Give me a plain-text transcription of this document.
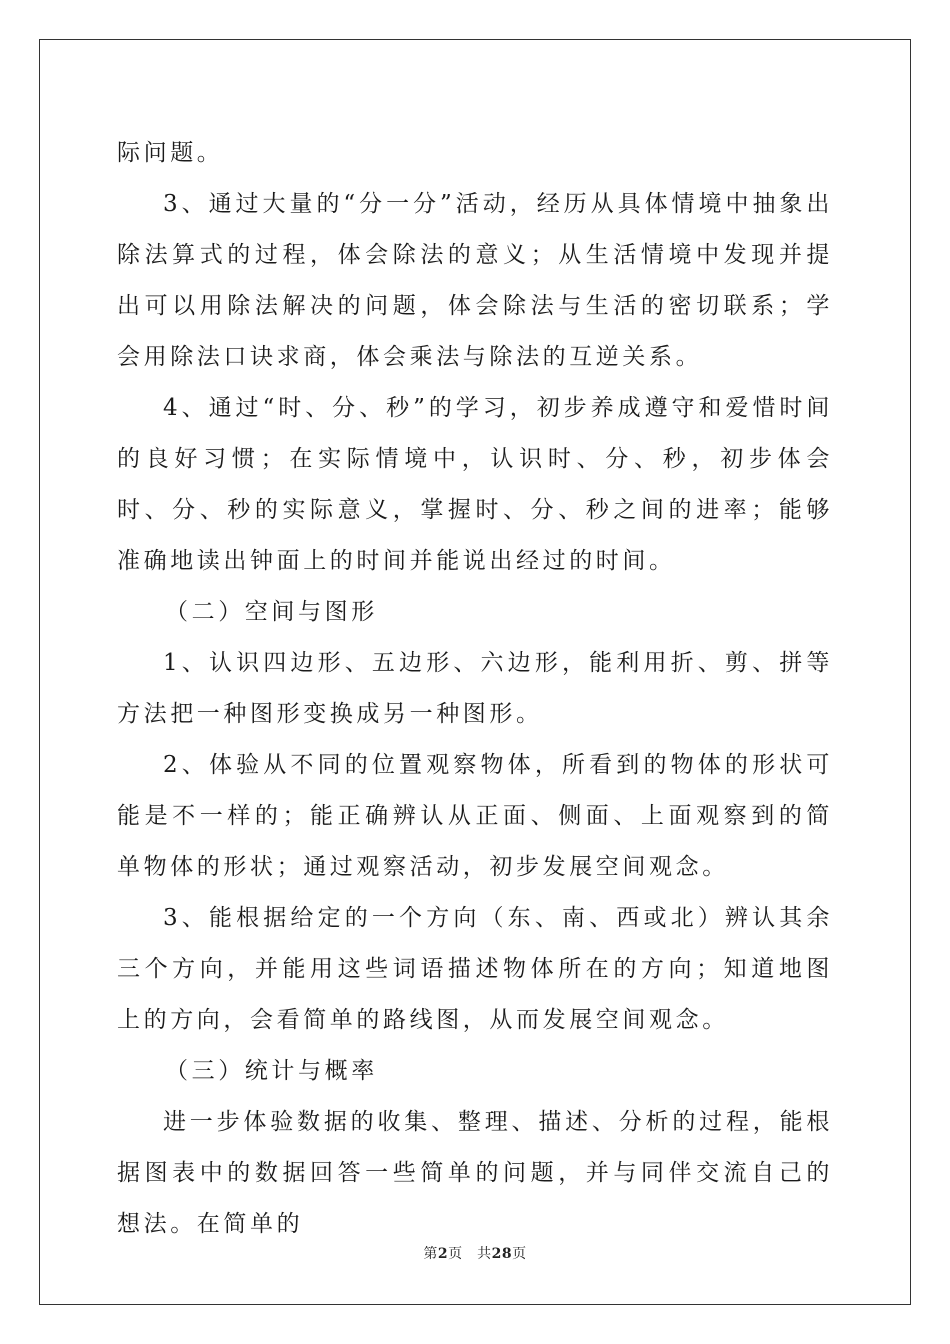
际问题。

3、通过大量的“分一分”活动，经历从具体情境中抽象出除法算式的过程，体会除法的意义；从生活情境中发现并提出可以用除法解决的问题，体会除法与生活的密切联系；学会用除法口诀求商，体会乘法与除法的互逆关系。

4、通过“时、分、秒”的学习，初步养成遵守和爱惜时间的良好习惯；在实际情境中，认识时、分、秒，初步体会时、分、秒的实际意义，掌握时、分、秒之间的进率；能够准确地读出钟面上的时间并能说出经过的时间。

（二）空间与图形

1、认识四边形、五边形、六边形，能利用折、剪、拼等方法把一种图形变换成另一种图形。

2、体验从不同的位置观察物体，所看到的物体的形状可能是不一样的；能正确辨认从正面、侧面、上面观察到的简单物体的形状；通过观察活动，初步发展空间观念。

3、能根据给定的一个方向（东、南、西或北）辨认其余三个方向，并能用这些词语描述物体所在的方向；知道地图上的方向，会看简单的路线图，从而发展空间观念。

（三）统计与概率

进一步体验数据的收集、整理、描述、分析的过程，能根据图表中的数据回答一些简单的问题，并与同伴交流自己的想法。在简单的

第2页　共28页
